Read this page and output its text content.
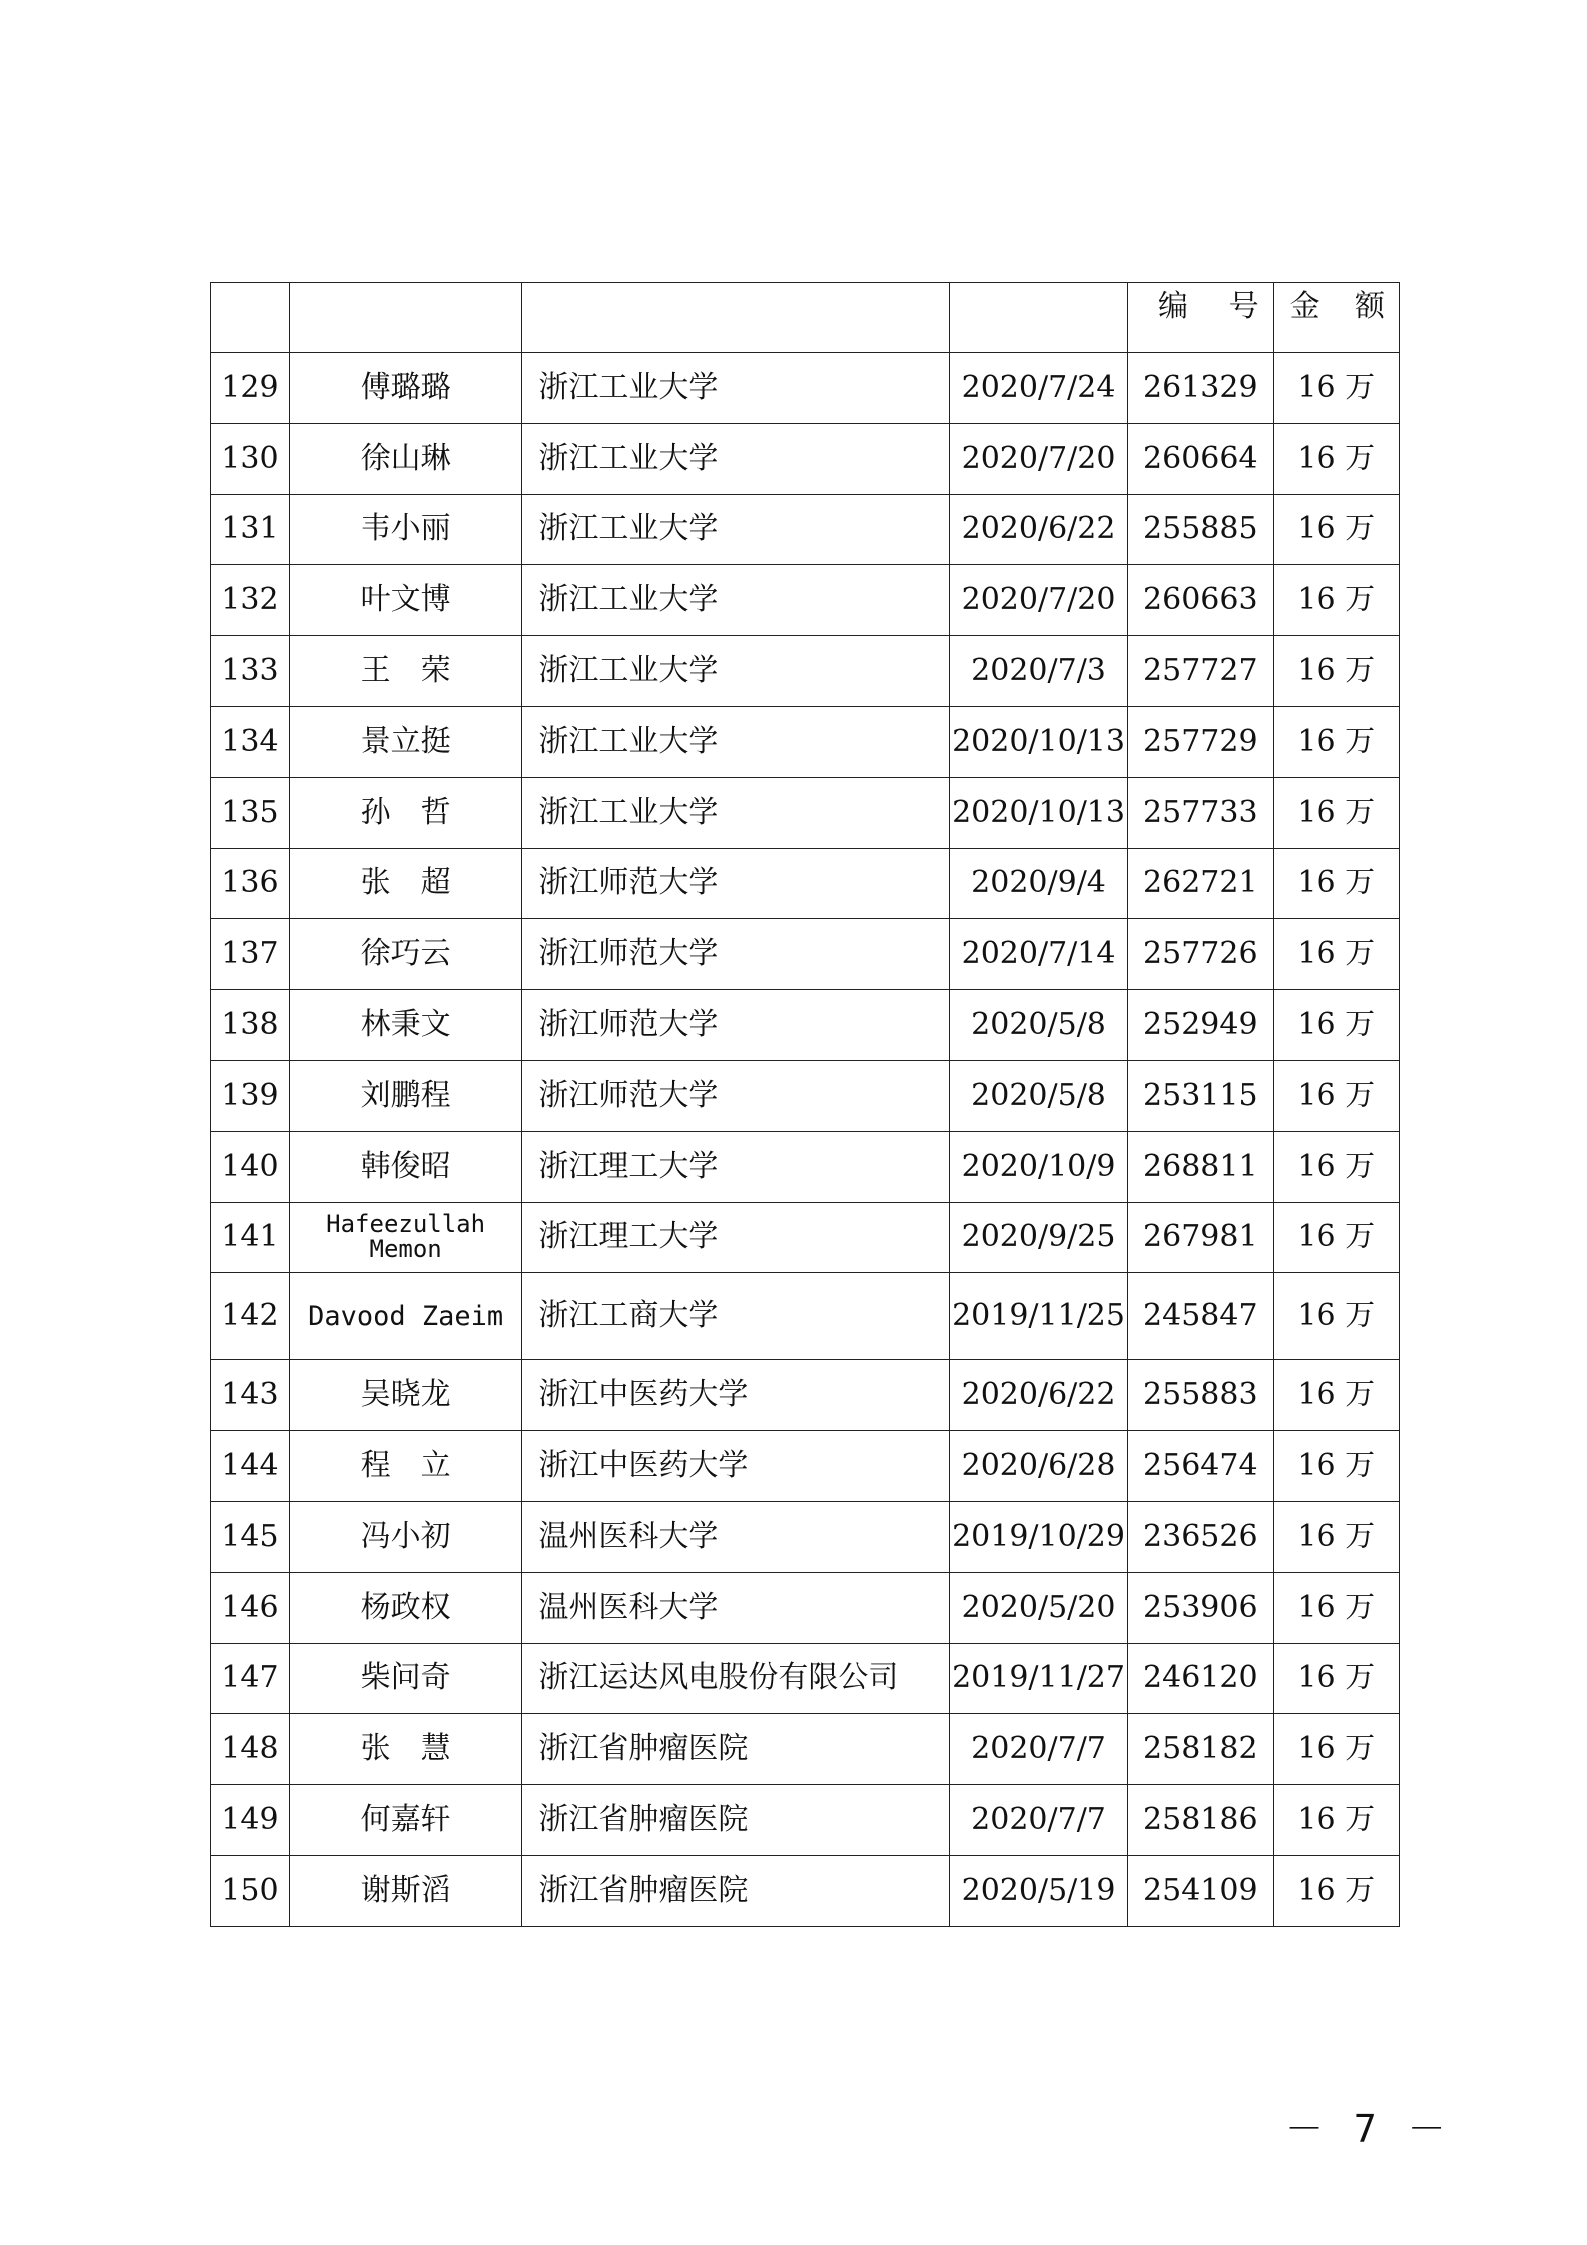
				编 号	金 额

129	傅璐璐	浙江工业大学	2020/7/24	261329	16 万
130	徐山琳	浙江工业大学	2020/7/20	260664	16 万
131	韦小丽	浙江工业大学	2020/6/22	255885	16 万
132	叶文博	浙江工业大学	2020/7/20	260663	16 万
133	王　荣	浙江工业大学	2020/7/3	257727	16 万
134	景立挺	浙江工业大学	2020/10/13	257729	16 万
135	孙　哲	浙江工业大学	2020/10/13	257733	16 万
136	张　超	浙江师范大学	2020/9/4	262721	16 万
137	徐巧云	浙江师范大学	2020/7/14	257726	16 万
138	林秉文	浙江师范大学	2020/5/8	252949	16 万
139	刘鹏程	浙江师范大学	2020/5/8	253115	16 万
140	韩俊昭	浙江理工大学	2020/10/9	268811	16 万
141	Hafeezullah
Memon	浙江理工大学	2020/9/25	267981	16 万
142	Davood Zaeim	浙江工商大学	2019/11/25	245847	16 万
143	吴晓龙	浙江中医药大学	2020/6/22	255883	16 万
144	程　立	浙江中医药大学	2020/6/28	256474	16 万
145	冯小初	温州医科大学	2019/10/29	236526	16 万
146	杨政权	温州医科大学	2020/5/20	253906	16 万
147	柴问奇	浙江运达风电股份有限公司	2019/11/27	246120	16 万
148	张　慧	浙江省肿瘤医院	2020/7/7	258182	16 万
149	何嘉轩	浙江省肿瘤医院	2020/7/7	258186	16 万
150	谢斯滔	浙江省肿瘤医院	2020/5/19	254109	16 万
－ 7 －
